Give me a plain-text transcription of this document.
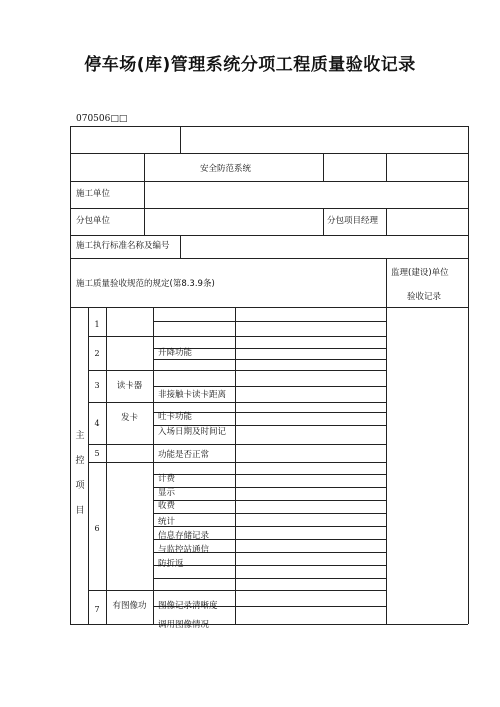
停车场(库)管理系统分项工程质量验收记录
070506□□
安全防范系统
施工单位
分包单位	分包项目经理
施工执行标准名称及编号
施工质量验收规范的规定(第8.3.9条)
监理(建设)单位
验收记录
主
控
项
目
1
2
3
4
5
6
7
读卡器
发卡
有图像功
升降功能
非接触卡读卡距离
吐卡功能
入场日期及时间记
功能是否正常
计费
显示
收费
统计
信息存储记录
与监控站通信
防折返
图像记录清晰度
调用图像情况
